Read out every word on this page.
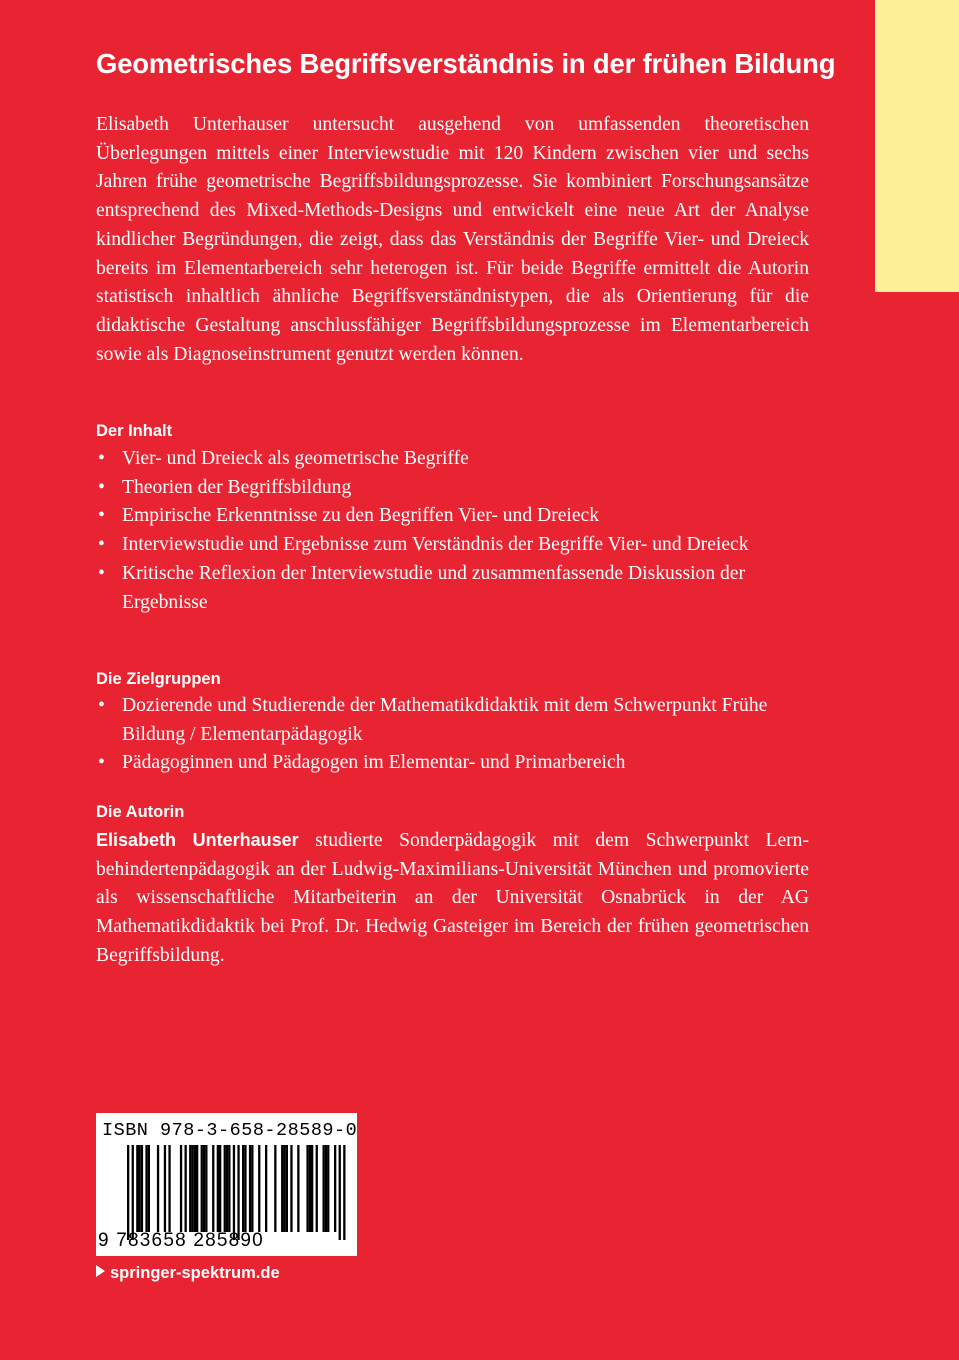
Geometrisches Begriffsverständnis in der frühen Bildung

Elisabeth Unterhauser untersucht ausgehend von umfassenden theoretischen Überlegungen mittels einer Interviewstudie mit 120 Kindern zwischen vier und sechs Jahren frühe geometrische Begriffsbildungsprozesse. Sie kombiniert Forschungsansätze entsprechend des Mixed-Methods-Designs und entwickelt eine neue Art der Analyse kindlicher Begründungen, die zeigt, dass das Verständnis der Begriffe Vier- und Dreieck bereits im Elementarbereich sehr heterogen ist. Für beide Begriffe ermittelt die Autorin statistisch inhaltlich ähnliche Begriffsverständnistypen, die als Orientierung für die didaktische Gestaltung anschlussfähiger Begriffsbildungsprozesse im Elementarbereich sowie als Diagnoseinstrument genutzt werden können.

Der Inhalt
• Vier- und Dreieck als geometrische Begriffe
• Theorien der Begriffsbildung
• Empirische Erkenntnisse zu den Begriffen Vier- und Dreieck
• Interviewstudie und Ergebnisse zum Verständnis der Begriffe Vier- und Dreieck
• Kritische Reflexion der Interviewstudie und zusammenfassende Diskussion der Ergebnisse
Die Zielgruppen
• Dozierende und Studierende der Mathematikdidaktik mit dem Schwerpunkt Frühe Bildung / Elementarpädagogik
• Pädagoginnen und Pädagogen im Elementar- und Primarbereich
Die Autorin

Elisabeth Unterhauser studierte Sonderpädagogik mit dem Schwerpunkt Lernbehindertenpädagogik an der Ludwig-Maximilians-Universität München und promovierte als wissenschaftliche Mitarbeiterin an der Universität Osnabrück in der AG Mathematikdidaktik bei Prof. Dr. Hedwig Gasteiger im Bereich der frühen geometrischen Begriffsbildung.

ISBN 978-3-658-28589-0

9 783658 285890

springer-spektrum.de
